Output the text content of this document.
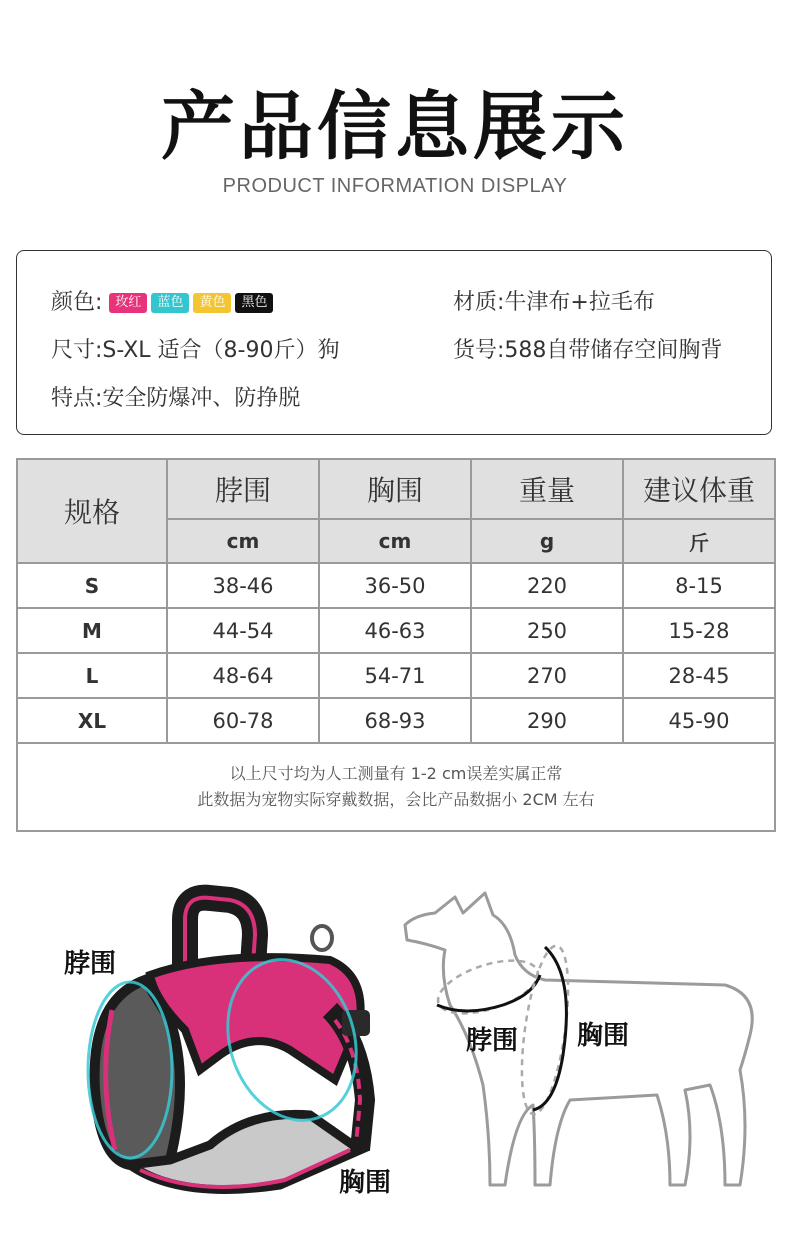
产品信息展示
PRODUCT INFORMATION DISPLAY
颜色: 玫红 蓝色 黄色 黑色
尺寸:S-XL 适合（8-90斤）狗
特点:安全防爆冲、防挣脱
材质:牛津布+拉毛布
货号:588自带储存空间胸背
规格	脖围	胸围	重量	建议体重
	cm	cm	g	斤
S	38-46	36-50	220	8-15
M	44-54	46-63	250	15-28
L	48-64	54-71	270	28-45
XL	60-78	68-93	290	45-90

以上尺寸均为人工测量有 1-2 cm误差实属正常
此数据为宠物实际穿戴数据，会比产品数据小 2CM 左右				
脖围
胸围
脖围 胸围
